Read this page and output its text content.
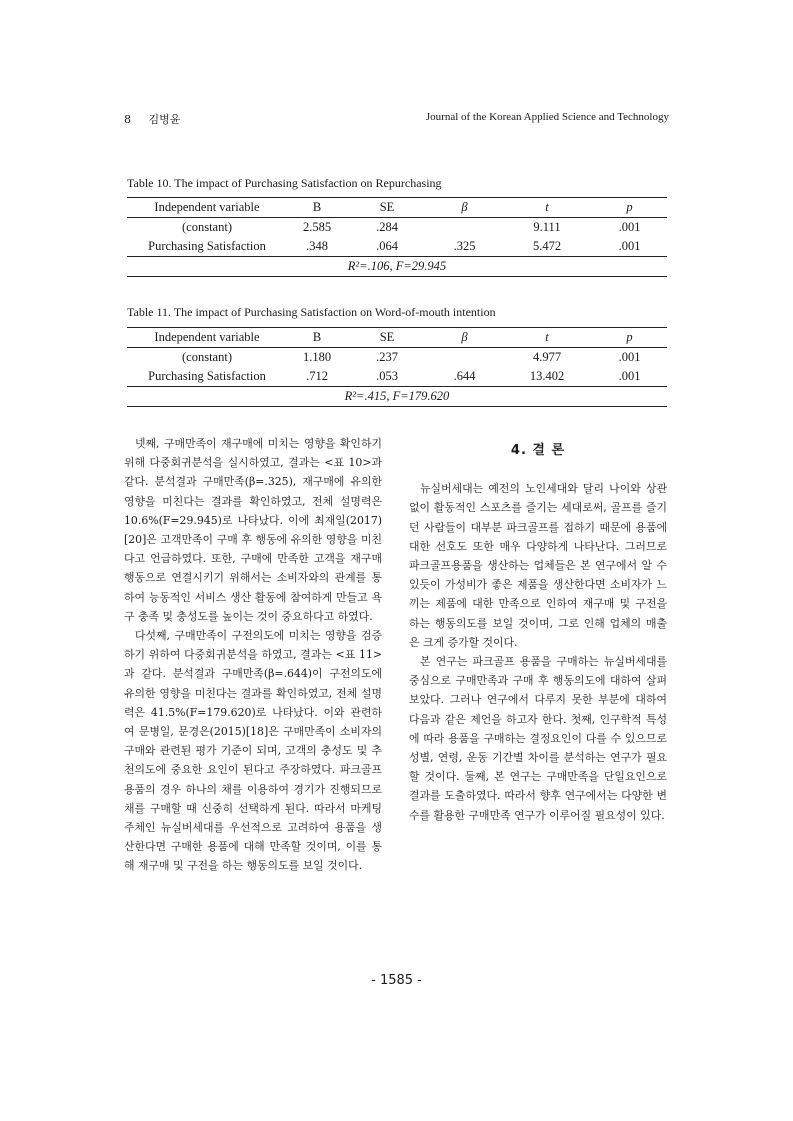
8 김병윤	Journal of the Korean Applied Science and Technology
Table 10. The impact of Purchasing Satisfaction on Repurchasing
Independent variable	B	SE	β	t	p
(constant)	2.585	.284		9.111	.001
Purchasing Satisfaction	.348	.064	.325	5.472	.001
R²=.106, F=29.945					
Table 11. The impact of Purchasing Satisfaction on Word-of-mouth intention
Independent variable	B	SE	β	t	p
(constant)	1.180	.237		4.977	.001
Purchasing Satisfaction	.712	.053	.644	13.402	.001
R²=.415, F=179.620					

넷째, 구매만족이 재구매에 미치는 영향을 확인하기 위해 다중회귀분석을 실시하였고, 결과는 <표 10>과 같다. 분석결과 구매만족(β=.325), 재구매에 유의한 영향을 미친다는 결과를 확인하였고, 전체 설명력은 10.6%(F=29.945)로 나타났다. 이에 최재일(2017)[20]은 고객만족이 구매 후 행동에 유의한 영향을 미친다고 언급하였다. 또한, 구매에 만족한 고객을 재구매 행동으로 연결시키기 위해서는 소비자와의 관계를 통하여 능동적인 서비스 생산 활동에 참여하게 만들고 욕구 충족 및 충성도를 높이는 것이 중요하다고 하였다.

다섯째, 구매만족이 구전의도에 미치는 영향을 검증하기 위하여 다중회귀분석을 하였고, 결과는 <표 11>과 같다. 분석결과 구매만족(β=.644)이 구전의도에 유의한 영향을 미친다는 결과를 확인하였고, 전체 설명력은 41.5%(F=179.620)로 나타났다. 이와 관련하여 문병일, 문경은(2015)[18]은 구매만족이 소비자의 구매와 관련된 평가 기준이 되며, 고객의 충성도 및 추천의도에 중요한 요인이 된다고 주장하였다. 파크골프 용품의 경우 하나의 채를 이용하여 경기가 진행되므로 채를 구매할 때 신중히 선택하게 된다. 따라서 마케팅 주체인 뉴실버세대를 우선적으로 고려하여 용품을 생산한다면 구매한 용품에 대해 만족할 것이며, 이를 통해 재구매 및 구전을 하는 행동의도를 보일 것이다.

4. 결 론

뉴실버세대는 예전의 노인세대와 달리 나이와 상관없이 활동적인 스포츠를 즐기는 세대로써, 골프를 즐기던 사람들이 대부분 파크골프를 접하기 때문에 용품에 대한 선호도 또한 매우 다양하게 나타난다. 그러므로 파크골프용품을 생산하는 업체들은 본 연구에서 알 수 있듯이 가성비가 좋은 제품을 생산한다면 소비자가 느끼는 제품에 대한 만족으로 인하여 재구매 및 구전을 하는 행동의도를 보일 것이며, 그로 인해 업체의 매출은 크게 증가할 것이다.

본 연구는 파크골프 용품을 구매하는 뉴실버세대를 중심으로 구매만족과 구매 후 행동의도에 대하여 살펴보았다. 그러나 연구에서 다루지 못한 부분에 대하여 다음과 같은 제언을 하고자 한다. 첫째, 인구학적 특성에 따라 용품을 구매하는 결정요인이 다를 수 있으므로 성별, 연령, 운동 기간별 차이를 분석하는 연구가 필요할 것이다. 둘째, 본 연구는 구매만족을 단일요인으로 결과를 도출하였다. 따라서 향후 연구에서는 다양한 변수를 활용한 구매만족 연구가 이루어질 필요성이 있다.

- 1585 -
